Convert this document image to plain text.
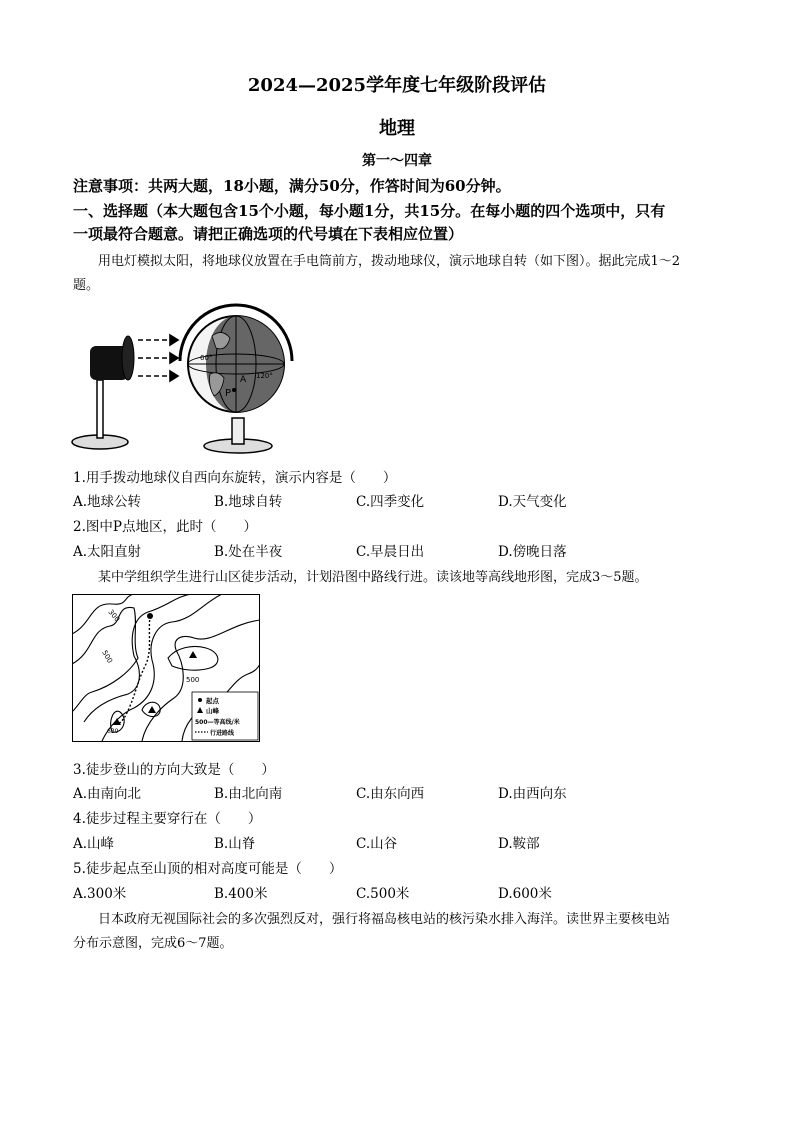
2024—2025学年度七年级阶段评估
地理
第一～四章
注意事项：共两大题，18小题，满分50分，作答时间为60分钟。
一、选择题（本大题包含15个小题，每小题1分，共15分。在每小题的四个选项中，只有
一项最符合题意。请把正确选项的代号填在下表相应位置）
用电灯模拟太阳，将地球仪放置在手电筒前方，拨动地球仪，演示地球自转（如下图）。据此完成1～2
题。
A
P
60°
120°
1.用手拨动地球仪自西向东旋转，演示内容是（　　）
A.地球公转	B.地球自转	C.四季变化	D.天气变化
2.图中P点地区，此时（　　）
A.太阳直射	B.处在半夜	C.早晨日出	D.傍晚日落
某中学组织学生进行山区徒步活动，计划沿图中路线行进。读该地等高线地形图，完成3～5题。
300
500
500
630
起点
山峰
500—等高线/米
行进路线
3.徒步登山的方向大致是（　　）
A.由南向北	B.由北向南	C.由东向西	D.由西向东
4.徒步过程主要穿行在（　　）
A.山峰	B.山脊	C.山谷	D.鞍部
5.徒步起点至山顶的相对高度可能是（　　）
A.300米	B.400米	C.500米	D.600米
日本政府无视国际社会的多次强烈反对，强行将福岛核电站的核污染水排入海洋。读世界主要核电站
分布示意图，完成6～7题。
